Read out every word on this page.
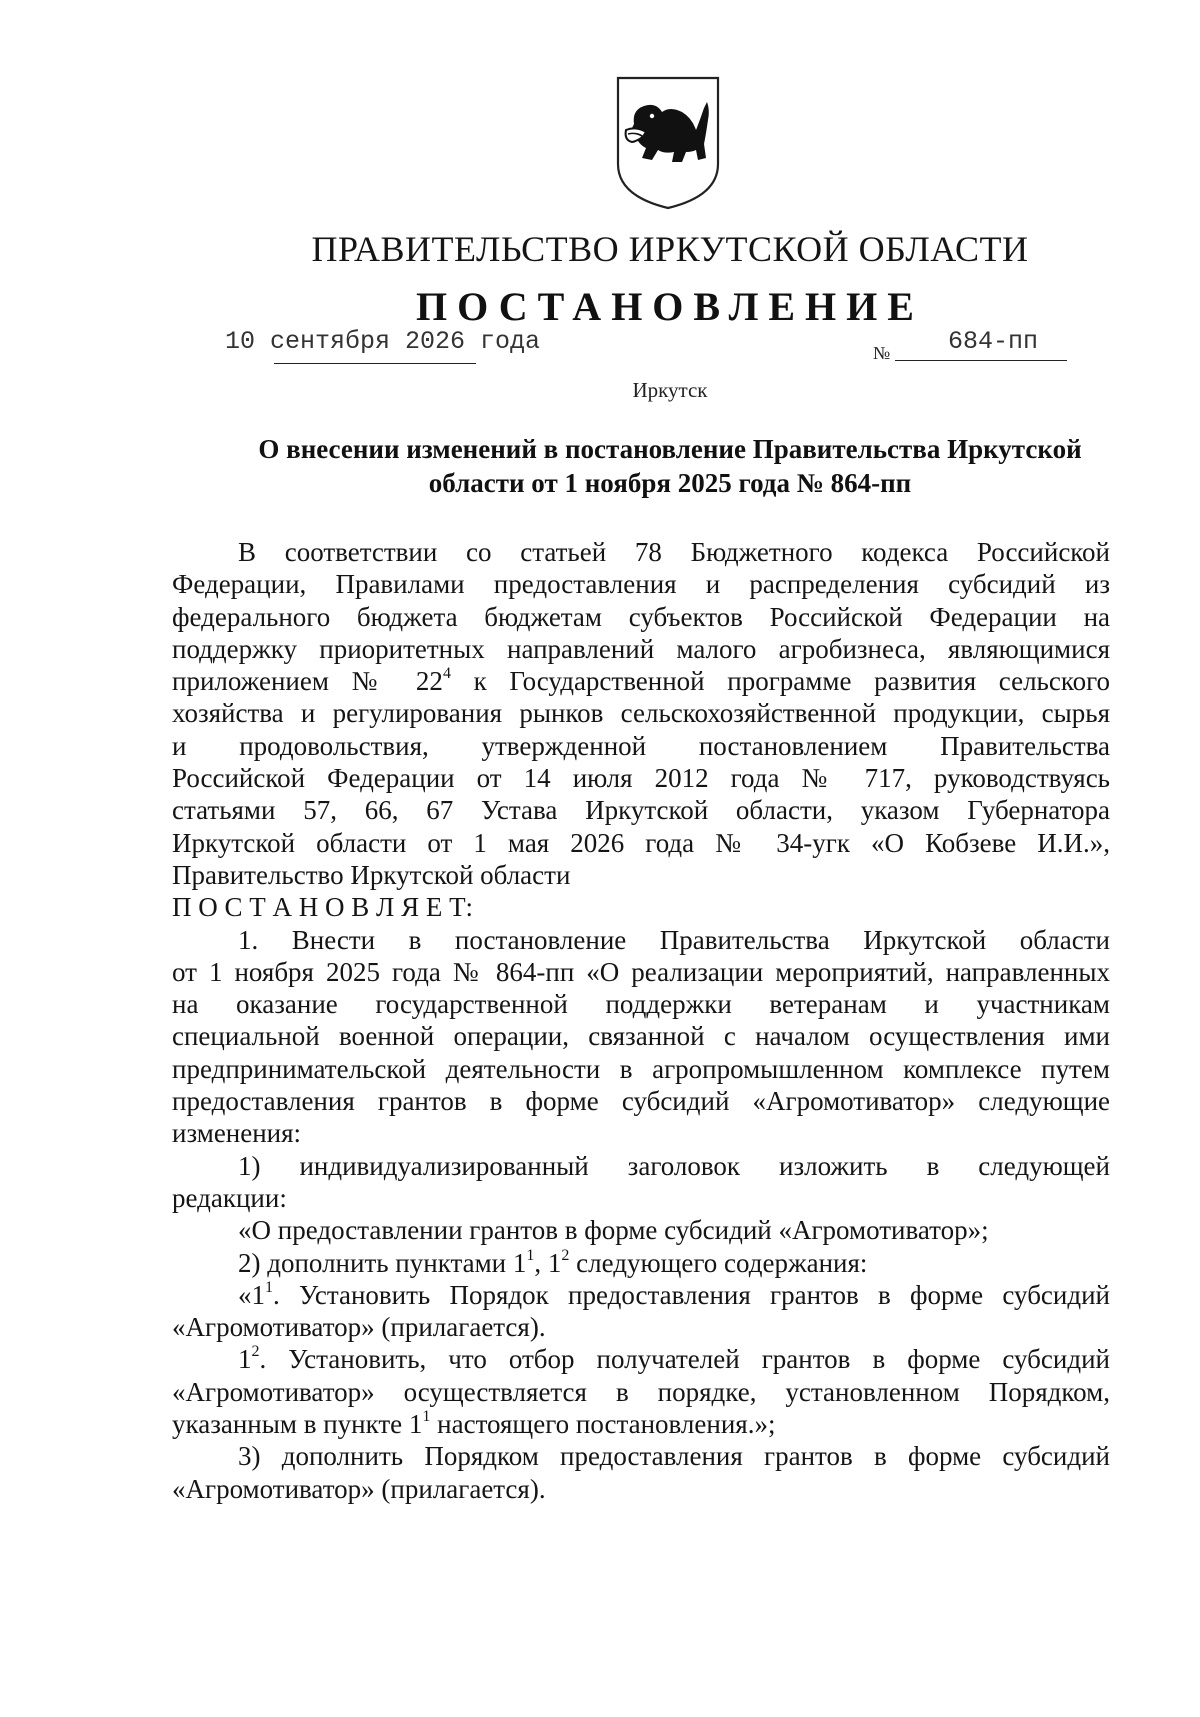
ПРАВИТЕЛЬСТВО ИРКУТСКОЙ ОБЛАСТИ
ПОСТАНОВЛЕНИЕ
10 сентября 2026 года	№ 684-пп
Иркутск
О внесении изменений в постановление Правительства Иркутской
области от 1 ноября 2025 года № 864-пп
В соответствии со статьей 78 Бюджетного кодекса Российской
Федерации, Правилами предоставления и распределения субсидий из
федерального бюджета бюджетам субъектов Российской Федерации на
поддержку приоритетных направлений малого агробизнеса, являющимися
приложением № $22^4$ к Государственной программе развития сельского
хозяйства и регулирования рынков сельскохозяйственной продукции, сырья
и продовольствия, утвержденной постановлением Правительства
Российской Федерации от 14 июля 2012 года № 717, руководствуясь
статьями 57, 66, 67 Устава Иркутской области, указом Губернатора
Иркутской области от 1 мая 2026 года № 34-угк «О Кобзеве И.И.»,
Правительство Иркутской области
П О С Т А Н О В Л Я Е Т:
1. Внести в постановление Правительства Иркутской области
от 1 ноября 2025 года № 864-пп «О реализации мероприятий, направленных
на оказание государственной поддержки ветеранам и участникам
специальной военной операции, связанной с началом осуществления ими
предпринимательской деятельности в агропромышленном комплексе путем
предоставления грантов в форме субсидий «Агромотиватор» следующие
изменения:
1) индивидуализированный заголовок изложить в следующей
редакции:
«О предоставлении грантов в форме субсидий «Агромотиватор»;
2) дополнить пунктами $1^1$, $1^2$ следующего содержания:
«$1^1$. Установить Порядок предоставления грантов в форме субсидий
«Агромотиватор» (прилагается).
$1^2$. Установить, что отбор получателей грантов в форме субсидий
«Агромотиватор» осуществляется в порядке, установленном Порядком,
указанным в пункте $1^1$ настоящего постановления.»;
3) дополнить Порядком предоставления грантов в форме субсидий
«Агромотиватор» (прилагается).
